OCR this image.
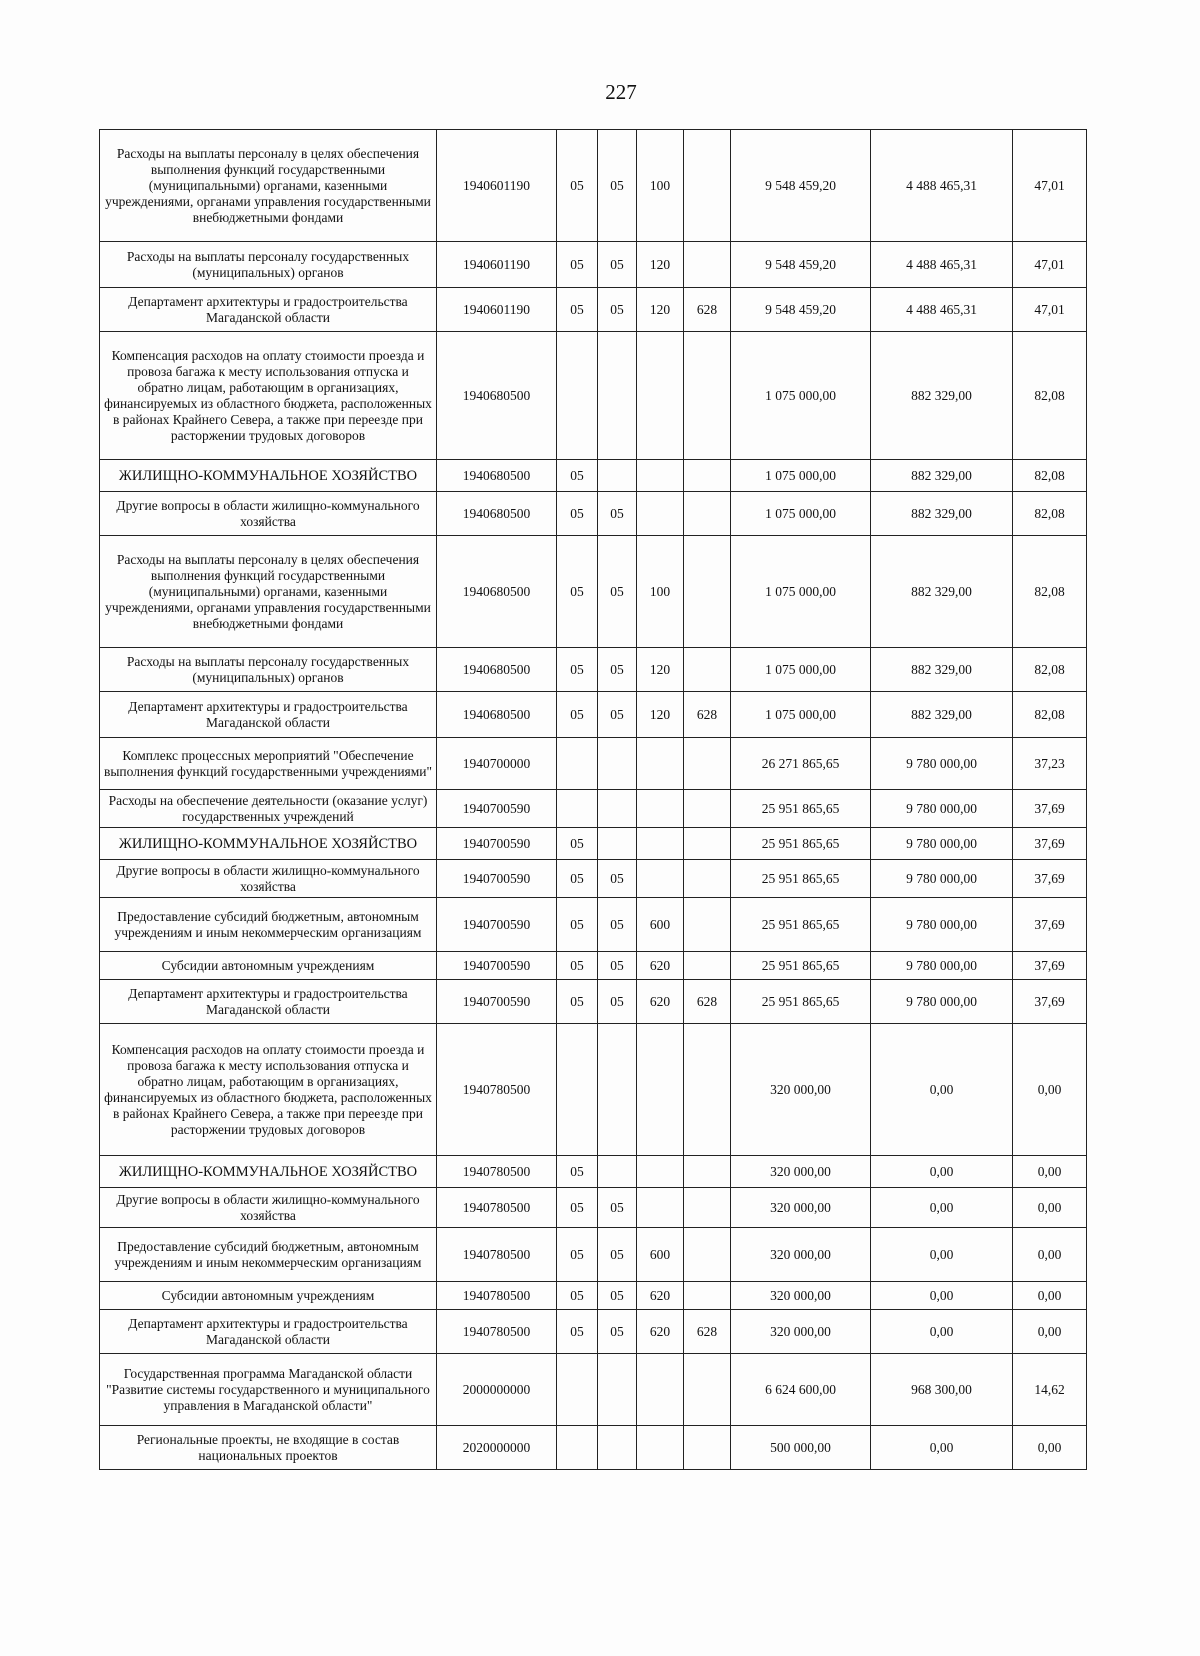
227
Расходы на выплаты персоналу в целях обеспечения выполнения функций государственными (муниципальными) органами, казенными учреждениями, органами управления государственными внебюджетными фондами	1940601190	05	05	100		9 548 459,20	4 488 465,31	47,01
Расходы на выплаты персоналу государственных (муниципальных) органов	1940601190	05	05	120		9 548 459,20	4 488 465,31	47,01
Департамент архитектуры и градостроительства Магаданской области	1940601190	05	05	120	628	9 548 459,20	4 488 465,31	47,01
Компенсация расходов на оплату стоимости проезда и провоза багажа к месту использования отпуска и обратно лицам, работающим в организациях, финансируемых из областного бюджета, расположенных в районах Крайнего Севера, а также при переезде при расторжении трудовых договоров	1940680500					1 075 000,00	882 329,00	82,08
ЖИЛИЩНО-КОММУНАЛЬНОЕ ХОЗЯЙСТВО	1940680500	05				1 075 000,00	882 329,00	82,08
Другие вопросы в области жилищно-коммунального хозяйства	1940680500	05	05			1 075 000,00	882 329,00	82,08
Расходы на выплаты персоналу в целях обеспечения выполнения функций государственными (муниципальными) органами, казенными учреждениями, органами управления государственными внебюджетными фондами	1940680500	05	05	100		1 075 000,00	882 329,00	82,08
Расходы на выплаты персоналу государственных (муниципальных) органов	1940680500	05	05	120		1 075 000,00	882 329,00	82,08
Департамент архитектуры и градостроительства Магаданской области	1940680500	05	05	120	628	1 075 000,00	882 329,00	82,08
Комплекс процессных мероприятий "Обеспечение выполнения функций государственными учреждениями"	1940700000					26 271 865,65	9 780 000,00	37,23
Расходы на обеспечение деятельности (оказание услуг) государственных учреждений	1940700590					25 951 865,65	9 780 000,00	37,69
ЖИЛИЩНО-КОММУНАЛЬНОЕ ХОЗЯЙСТВО	1940700590	05				25 951 865,65	9 780 000,00	37,69
Другие вопросы в области жилищно-коммунального хозяйства	1940700590	05	05			25 951 865,65	9 780 000,00	37,69
Предоставление субсидий бюджетным, автономным учреждениям и иным некоммерческим организациям	1940700590	05	05	600		25 951 865,65	9 780 000,00	37,69
Субсидии автономным учреждениям	1940700590	05	05	620		25 951 865,65	9 780 000,00	37,69
Департамент архитектуры и градостроительства Магаданской области	1940700590	05	05	620	628	25 951 865,65	9 780 000,00	37,69
Компенсация расходов на оплату стоимости проезда и провоза багажа к месту использования отпуска и обратно лицам, работающим в организациях, финансируемых из областного бюджета, расположенных в районах Крайнего Севера, а также при переезде при расторжении трудовых договоров	1940780500					320 000,00	0,00	0,00
ЖИЛИЩНО-КОММУНАЛЬНОЕ ХОЗЯЙСТВО	1940780500	05				320 000,00	0,00	0,00
Другие вопросы в области жилищно-коммунального хозяйства	1940780500	05	05			320 000,00	0,00	0,00
Предоставление субсидий бюджетным, автономным учреждениям и иным некоммерческим организациям	1940780500	05	05	600		320 000,00	0,00	0,00
Субсидии автономным учреждениям	1940780500	05	05	620		320 000,00	0,00	0,00
Департамент архитектуры и градостроительства Магаданской области	1940780500	05	05	620	628	320 000,00	0,00	0,00
Государственная программа Магаданской области "Развитие системы государственного и муниципального управления в Магаданской области"	2000000000					6 624 600,00	968 300,00	14,62
Региональные проекты, не входящие в состав национальных проектов	2020000000					500 000,00	0,00	0,00
